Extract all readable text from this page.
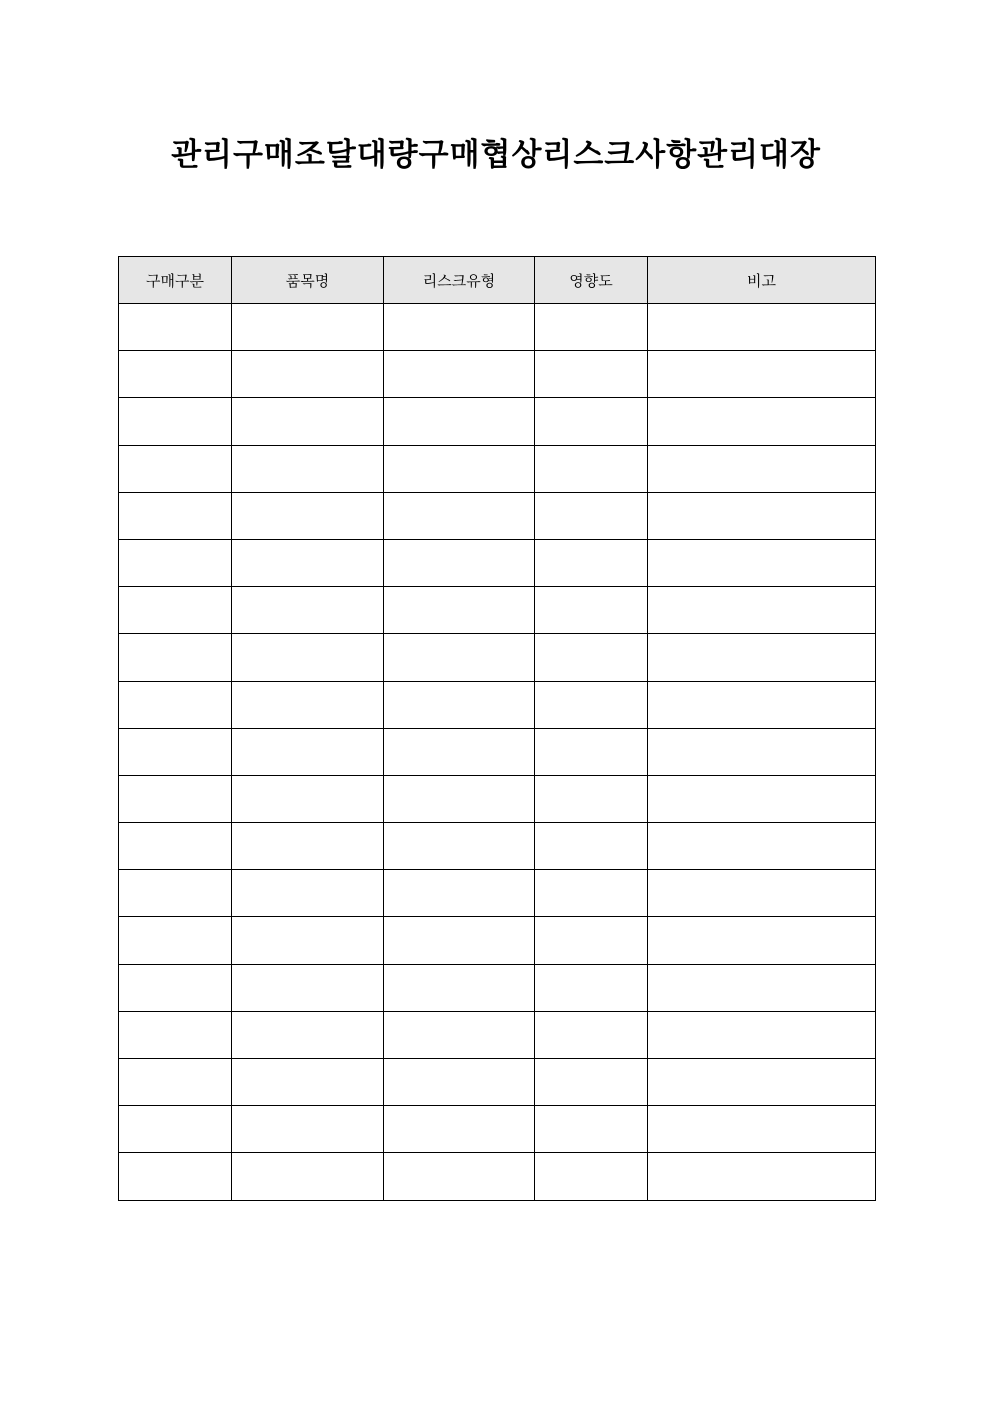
관리구매조달대량구매협상리스크사항관리대장
구매구분	품목명	리스크유형	영향도	비고
